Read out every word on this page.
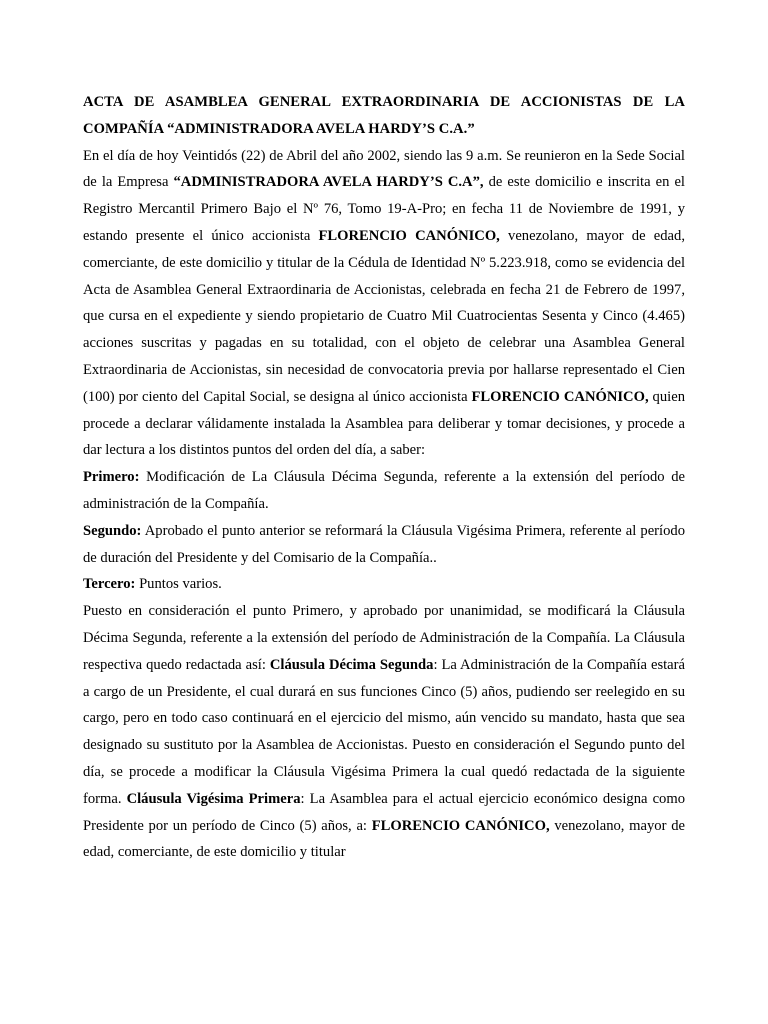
ACTA DE ASAMBLEA GENERAL EXTRAORDINARIA DE ACCIONISTAS DE LA COMPAÑÍA “ADMINISTRADORA AVELA HARDY’S C.A.”

En el día de hoy Veintidós (22) de Abril del año 2002, siendo las 9 a.m. Se reunieron en la Sede Social de la Empresa “ADMINISTRADORA AVELA HARDY’S C.A”, de este domicilio e inscrita en el Registro Mercantil Primero Bajo el Nº 76, Tomo 19-A-Pro; en fecha 11 de Noviembre de 1991, y estando presente el único accionista FLORENCIO CANÓNICO, venezolano, mayor de edad, comerciante, de este domicilio y titular de la Cédula de Identidad Nº 5.223.918, como se evidencia del Acta de Asamblea General Extraordinaria de Accionistas, celebrada en fecha 21 de Febrero de 1997, que cursa en el expediente y siendo propietario de Cuatro Mil Cuatrocientas Sesenta y Cinco (4.465) acciones suscritas y pagadas en su totalidad, con el objeto de celebrar una Asamblea General Extraordinaria de Accionistas, sin necesidad de convocatoria previa por hallarse representado el Cien (100) por ciento del Capital Social, se designa al único accionista FLORENCIO CANÓNICO, quien procede a declarar válidamente instalada la Asamblea para deliberar y tomar decisiones, y procede a dar lectura a los distintos puntos del orden del día, a saber:

Primero: Modificación de La Cláusula Décima Segunda, referente a la extensión del período de administración de la Compañía.

Segundo: Aprobado el punto anterior se reformará la Cláusula Vigésima Primera, referente al período de duración del Presidente y del Comisario de la Compañía..

Tercero: Puntos varios.

Puesto en consideración el punto Primero, y aprobado por unanimidad, se modificará la Cláusula Décima Segunda, referente a la extensión del período de Administración de la Compañía. La Cláusula respectiva quedo redactada así: Cláusula Décima Segunda: La Administración de la Compañía estará a cargo de un Presidente, el cual durará en sus funciones Cinco (5) años, pudiendo ser reelegido en su cargo, pero en todo caso continuará en el ejercicio del mismo, aún vencido su mandato, hasta que sea designado su sustituto por la Asamblea de Accionistas. Puesto en consideración el Segundo punto del día, se procede a modificar la Cláusula Vigésima Primera la cual quedó redactada de la siguiente forma. Cláusula Vigésima Primera: La Asamblea para el actual ejercicio económico designa como Presidente por un período de Cinco (5) años, a: FLORENCIO CANÓNICO, venezolano, mayor de edad, comerciante, de este domicilio y titular
